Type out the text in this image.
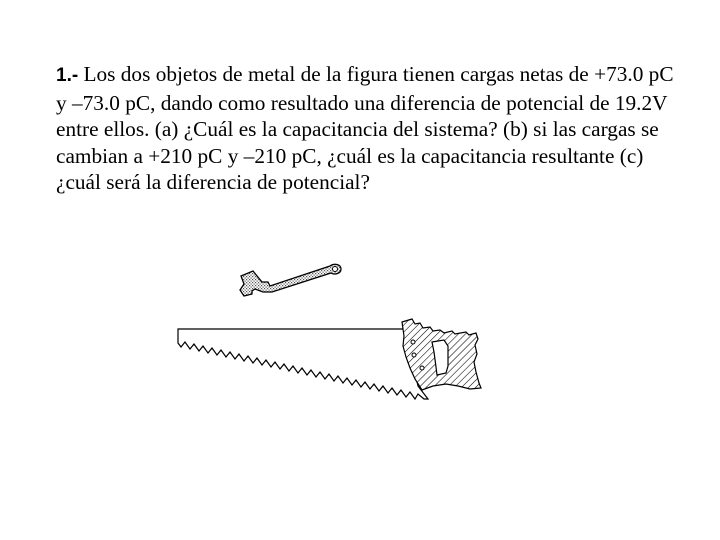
1.- Los dos objetos de metal de la figura tienen cargas netas de +73.0 pC y –73.0 pC, dando como resultado una diferencia de potencial de 19.2V entre ellos. (a) ¿Cuál es la capacitancia del sistema? (b) si las cargas se cambian a +210 pC y –210 pC, ¿cuál es la capacitancia resultante (c) ¿cuál será la diferencia de potencial?
